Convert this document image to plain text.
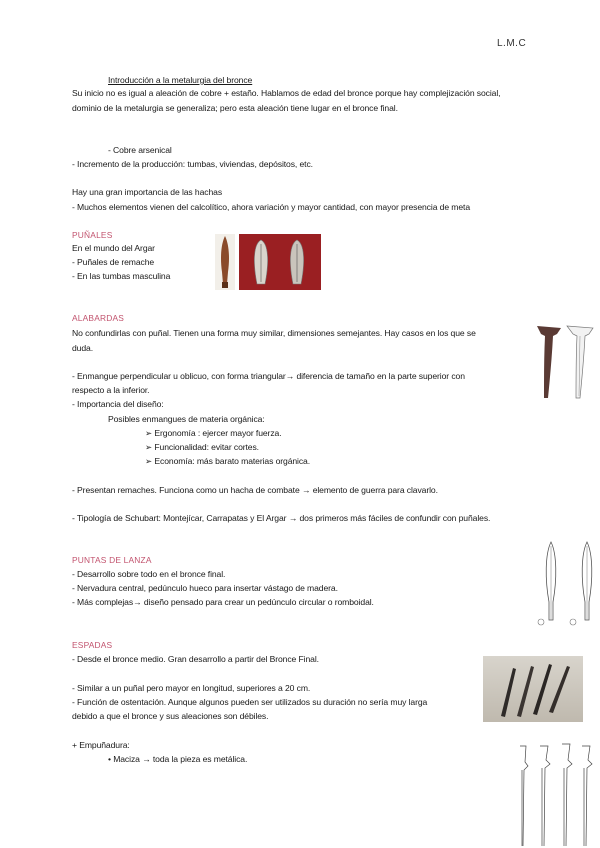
L.M.C
Introducción a la metalurgia del bronce
Su inicio no es igual a aleación de cobre + estaño. Hablamos de edad del bronce porque hay complejización social,
dominio de la metalurgia se generaliza; pero esta aleación tiene lugar en el bronce final.
- Cobre arsenical
- Incremento de la producción: tumbas, viviendas, depósitos, etc.
Hay una gran importancia de las hachas
- Muchos elementos vienen del calcolítico, ahora variación y mayor cantidad, con mayor presencia de meta
PUÑALES
En el mundo del Argar
- Puñales de remache
- En las tumbas masculina
ALABARDAS
No confundirlas con puñal. Tienen una forma muy similar, dimensiones semejantes. Hay casos en los que se
duda.
- Enmangue perpendicular u oblicuo, con forma triangular→ diferencia de tamaño en la parte superior con
respecto a la inferior.
- Importancia del diseño:
Posibles enmangues de materia orgánica:
➢ Ergonomía : ejercer mayor fuerza.
➢ Funcionalidad: evitar cortes.
➢ Economía: más barato materias orgánica.
- Presentan remaches. Funciona como un hacha de combate → elemento de guerra para clavarlo.
- Tipología de Schubart: Montejícar, Carrapatas y El Argar → dos primeros más fáciles de confundir con puñales.
PUNTAS DE LANZA
- Desarrollo sobre todo en el bronce final.
- Nervadura central, pedúnculo hueco para insertar vástago de madera.
- Más complejas→ diseño pensado para crear un pedúnculo circular o romboidal.
ESPADAS
- Desde el bronce medio. Gran desarrollo a partir del Bronce Final.
- Similar a un puñal pero mayor en longitud, superiores a 20 cm.
- Función de ostentación. Aunque algunos pueden ser utilizados su duración no sería muy larga
debido a que el bronce y sus aleaciones son débiles.
+ Empuñadura:
• Maciza → toda la pieza es metálica.
